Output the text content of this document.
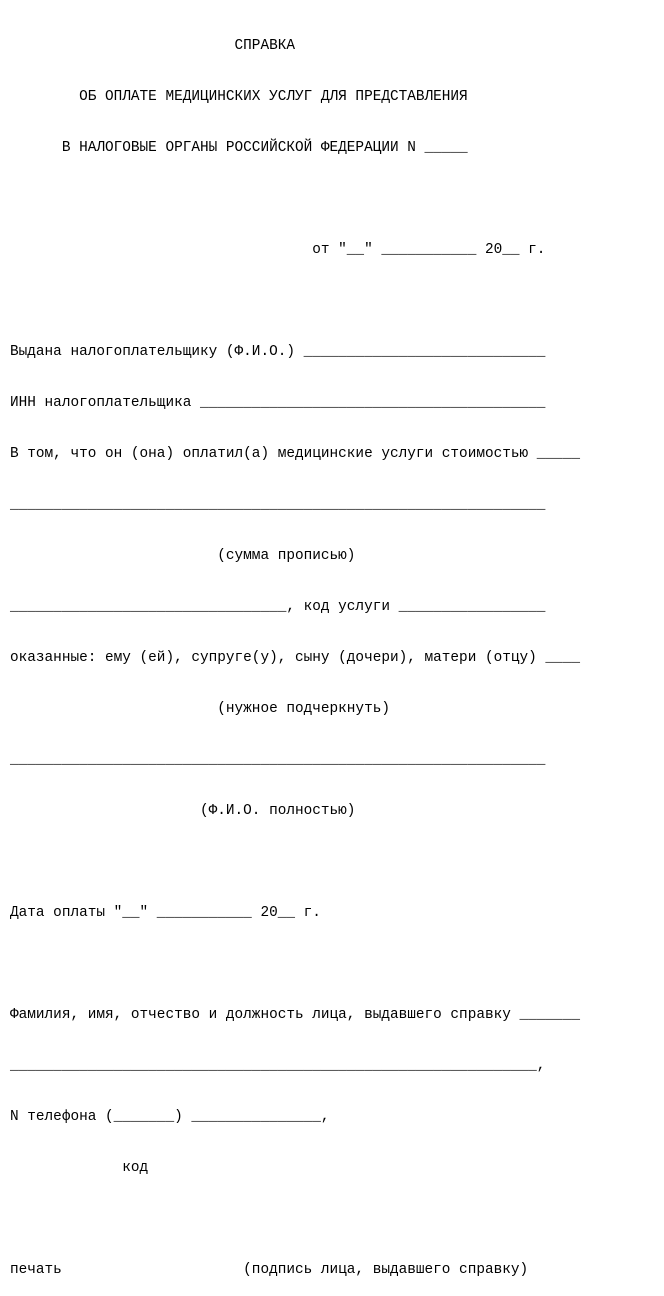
СПРАВКА

ОБ ОПЛАТЕ МЕДИЦИНСКИХ УСЛУГ ДЛЯ ПРЕДСТАВЛЕНИЯ

В НАЛОГОВЫЕ ОРГАНЫ РОССИЙСКОЙ ФЕДЕРАЦИИ N _____

от "__" ___________ 20__ г.

Выдана налогоплательщику (Ф.И.О.) ____________________________

ИНН налогоплательщика ________________________________________

В том, что он (она) оплатил(а) медицинские услуги стоимостью _____

______________________________________________________________

(сумма прописью)

________________________________, код услуги _________________

оказанные: ему (ей), супруге(у), сыну (дочери), матери (отцу) ____

(нужное подчеркнуть)

______________________________________________________________

(Ф.И.О. полностью)

Дата оплаты "__" ___________ 20__ г.

Фамилия, имя, отчество и должность лица, выдавшего справку _______

_____________________________________________________________,

N телефона (_______) _______________,

код

печать                     (подпись лица, выдавшего справку)
